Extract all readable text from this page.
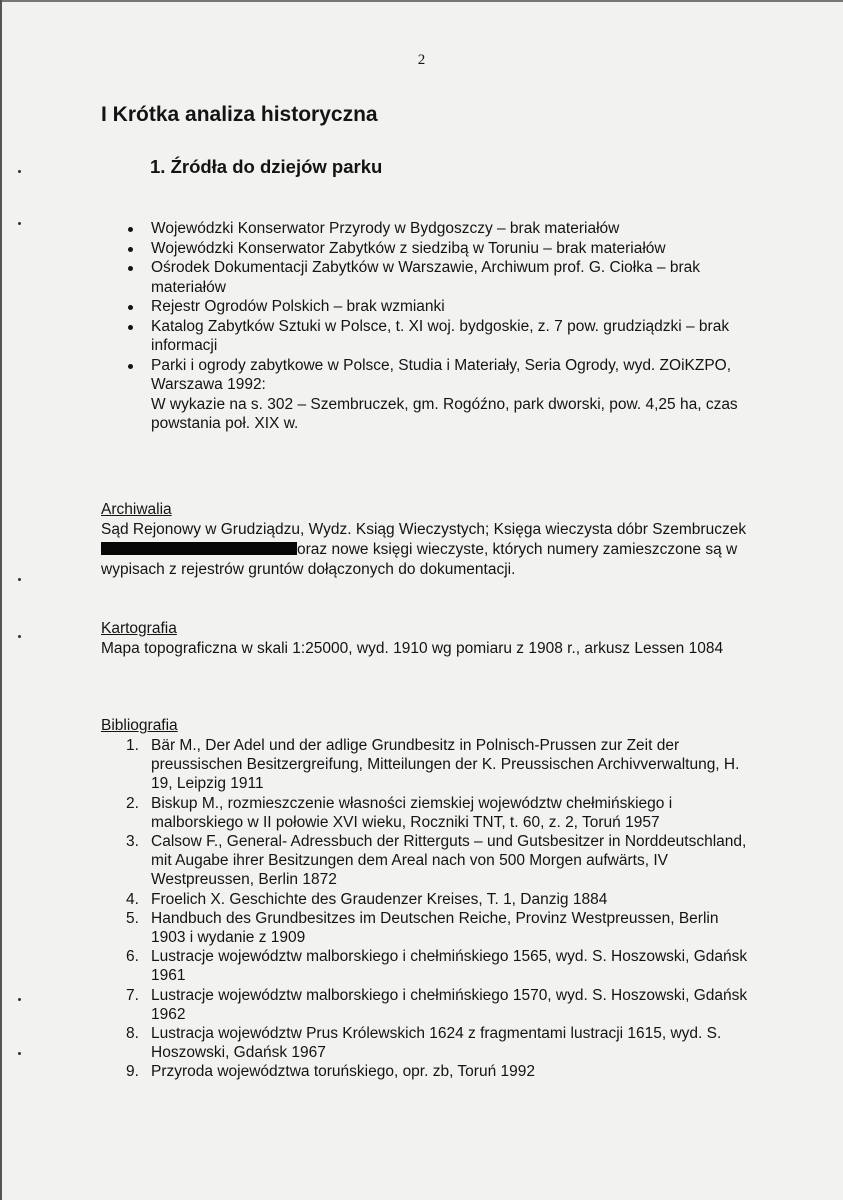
2
I Krótka analiza historyczna
1. Źródła do dziejów parku
Wojewódzki Konserwator Przyrody w Bydgoszczy – brak materiałów
Wojewódzki Konserwator Zabytków z siedzibą w Toruniu – brak materiałów
Ośrodek Dokumentacji Zabytków w Warszawie, Archiwum prof. G. Ciołka – brak materiałów
Rejestr Ogrodów Polskich – brak wzmianki
Katalog Zabytków Sztuki w Polsce, t. XI woj. bydgoskie, z. 7 pow. grudziądzki – brak informacji
Parki i ogrody zabytkowe w Polsce, Studia i Materiały, Seria Ogrody, wyd. ZOiKZPO, Warszawa 1992:
W wykazie na s. 302 – Szembruczek, gm. Rogóźno, park dworski, pow. 4,25 ha, czas powstania poł. XIX w.
Archiwalia

Sąd Rejonowy w Grudziądzu, Wydz. Ksiąg Wieczystych; Księga wieczysta dóbr Szembruczekoraz nowe księgi wieczyste, których numery zamieszczone są w wypisach z rejestrów gruntów dołączonych do dokumentacji.

Kartografia

Mapa topograficzna w skali 1:25000, wyd. 1910 wg pomiaru z 1908 r., arkusz Lessen 1084

Bibliografia
1. Bär M., Der Adel und der adlige Grundbesitz in Polnisch-Prussen zur Zeit der preussischen Besitzergreifung, Mitteilungen der K. Preussischen Archivverwaltung, H. 19, Leipzig 1911
2. Biskup M., rozmieszczenie własności ziemskiej województw chełmińskiego i malborskiego w II połowie XVI wieku, Roczniki TNT, t. 60, z. 2, Toruń 1957
3. Calsow F., General- Adressbuch der Ritterguts – und Gutsbesitzer in Norddeutschland, mit Augabe ihrer Besitzungen dem Areal nach von 500 Morgen aufwärts, IV Westpreussen, Berlin 1872
4. Froelich X. Geschichte des Graudenzer Kreises, T. 1, Danzig 1884
5. Handbuch des Grundbesitzes im Deutschen Reiche, Provinz Westpreussen, Berlin 1903 i wydanie z 1909
6. Lustracje województw malborskiego i chełmińskiego 1565, wyd. S. Hoszowski, Gdańsk 1961
7. Lustracje województw malborskiego i chełmińskiego 1570, wyd. S. Hoszowski, Gdańsk 1962
8. Lustracja województw Prus Królewskich 1624 z fragmentami lustracji 1615, wyd. S. Hoszowski, Gdańsk 1967
9. Przyroda województwa toruńskiego, opr. zb, Toruń 1992
